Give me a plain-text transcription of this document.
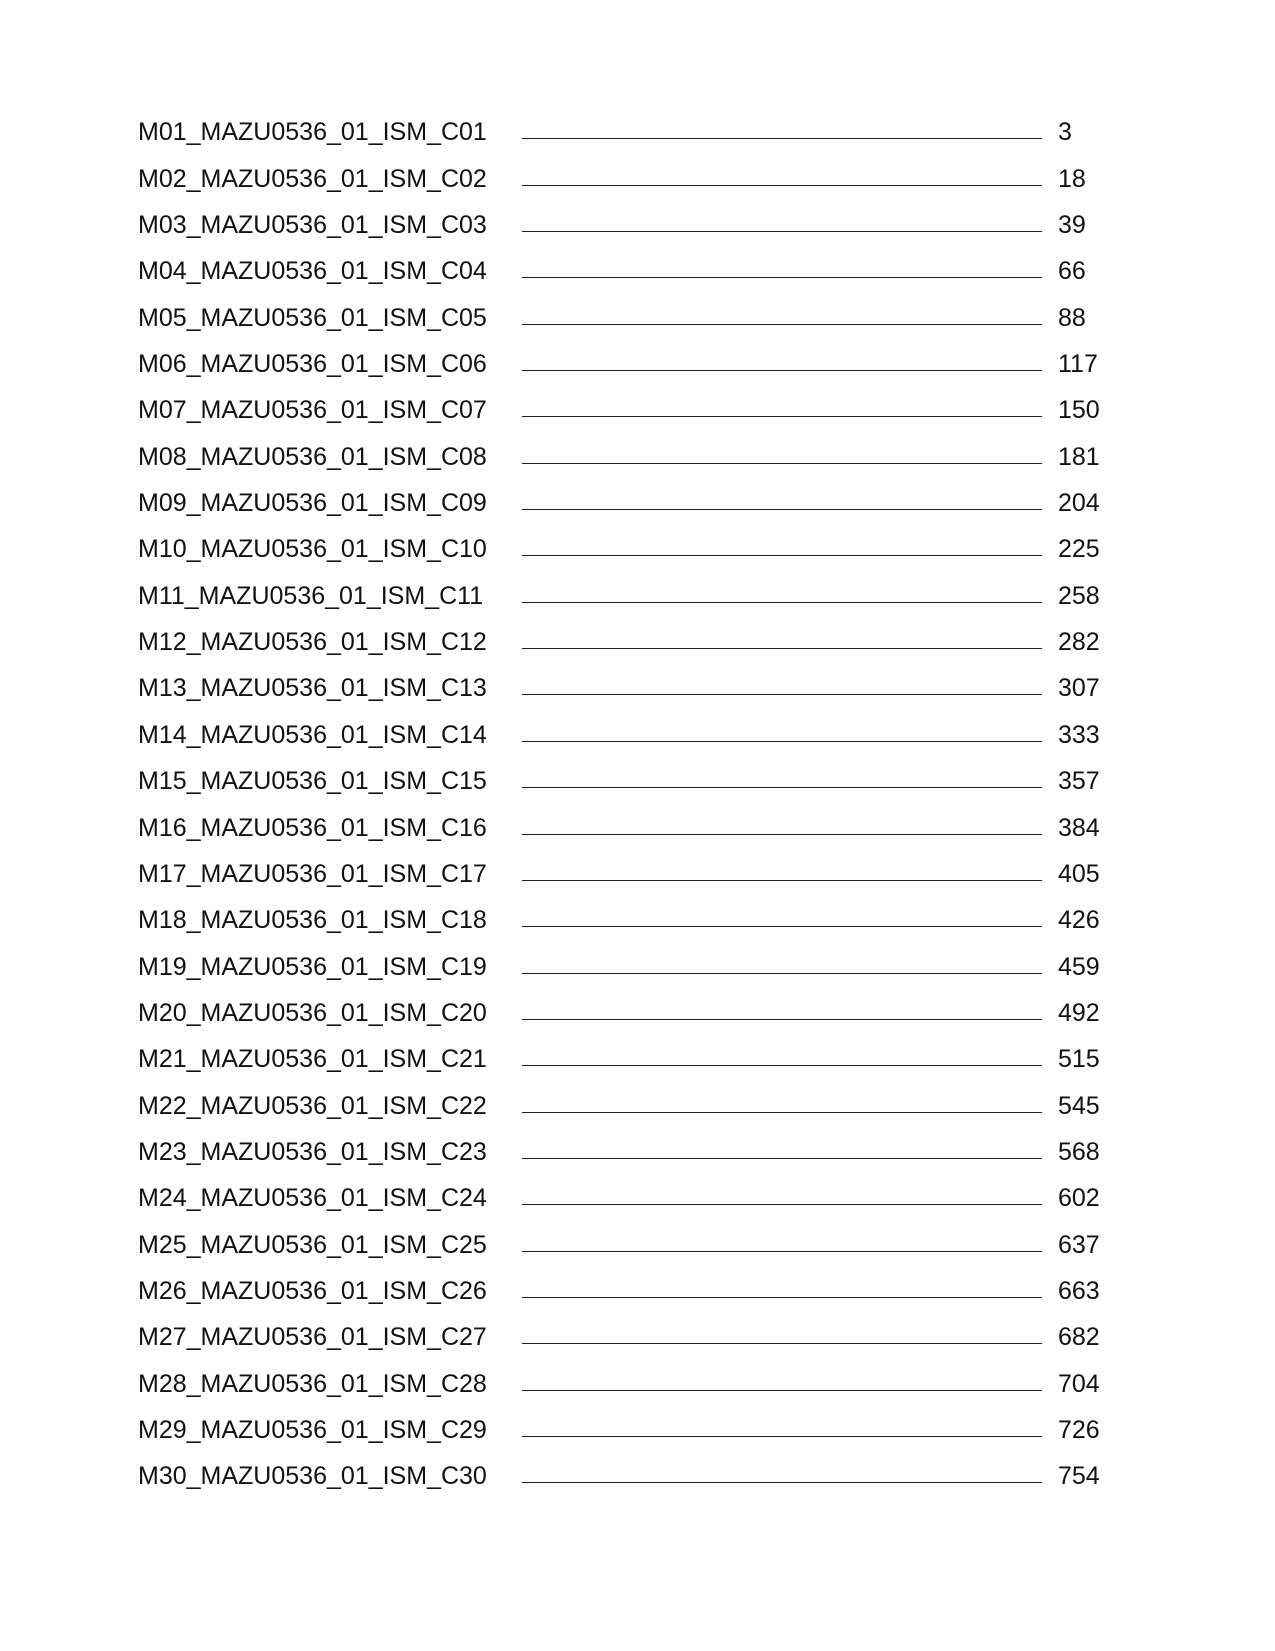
M01_MAZU0536_01_ISM_C01	3
M02_MAZU0536_01_ISM_C02	18
M03_MAZU0536_01_ISM_C03	39
M04_MAZU0536_01_ISM_C04	66
M05_MAZU0536_01_ISM_C05	88
M06_MAZU0536_01_ISM_C06	117
M07_MAZU0536_01_ISM_C07	150
M08_MAZU0536_01_ISM_C08	181
M09_MAZU0536_01_ISM_C09	204
M10_MAZU0536_01_ISM_C10	225
M11_MAZU0536_01_ISM_C11	258
M12_MAZU0536_01_ISM_C12	282
M13_MAZU0536_01_ISM_C13	307
M14_MAZU0536_01_ISM_C14	333
M15_MAZU0536_01_ISM_C15	357
M16_MAZU0536_01_ISM_C16	384
M17_MAZU0536_01_ISM_C17	405
M18_MAZU0536_01_ISM_C18	426
M19_MAZU0536_01_ISM_C19	459
M20_MAZU0536_01_ISM_C20	492
M21_MAZU0536_01_ISM_C21	515
M22_MAZU0536_01_ISM_C22	545
M23_MAZU0536_01_ISM_C23	568
M24_MAZU0536_01_ISM_C24	602
M25_MAZU0536_01_ISM_C25	637
M26_MAZU0536_01_ISM_C26	663
M27_MAZU0536_01_ISM_C27	682
M28_MAZU0536_01_ISM_C28	704
M29_MAZU0536_01_ISM_C29	726
M30_MAZU0536_01_ISM_C30	754
